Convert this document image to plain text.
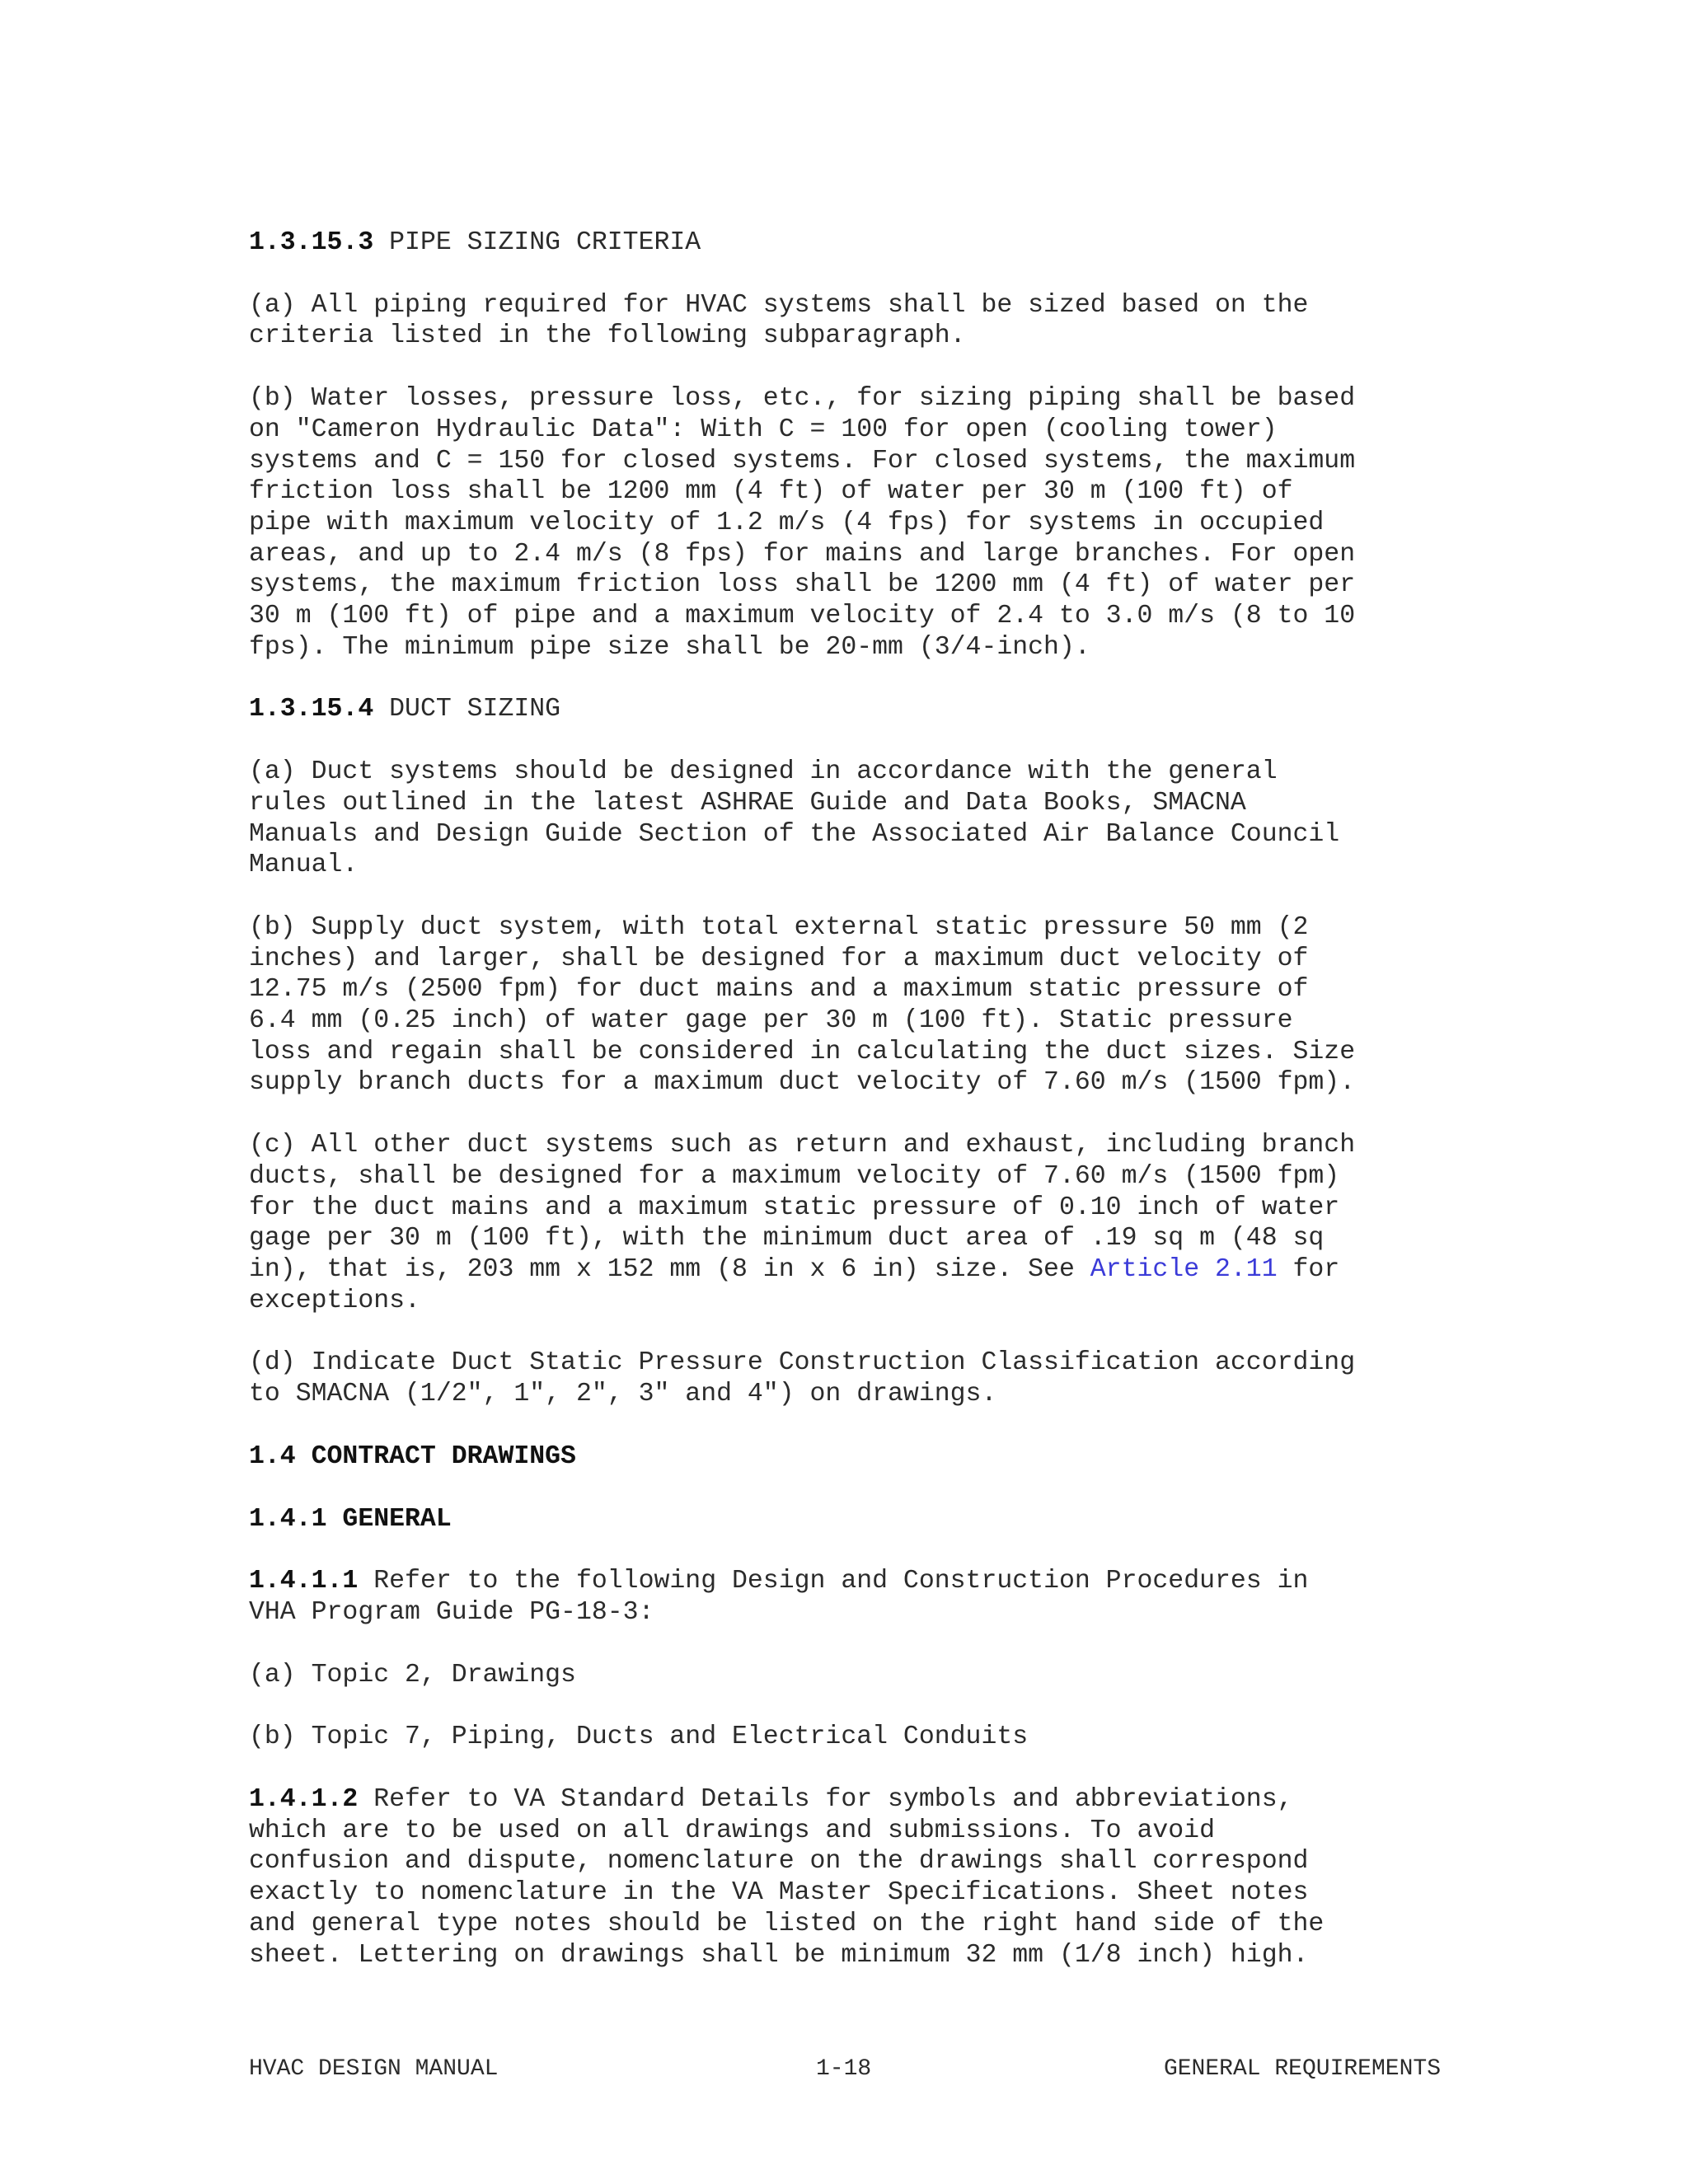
1.3.15.3 PIPE SIZING CRITERIA
(a) All piping required for HVAC systems shall be sized based on the
criteria listed in the following subparagraph.
(b) Water losses, pressure loss, etc., for sizing piping shall be based
on "Cameron Hydraulic Data": With C = 100 for open (cooling tower)
systems and C = 150 for closed systems. For closed systems, the maximum
friction loss shall be 1200 mm (4 ft) of water per 30 m (100 ft) of
pipe with maximum velocity of 1.2 m/s (4 fps) for systems in occupied
areas, and up to 2.4 m/s (8 fps) for mains and large branches. For open
systems, the maximum friction loss shall be 1200 mm (4 ft) of water per
30 m (100 ft) of pipe and a maximum velocity of 2.4 to 3.0 m/s (8 to 10
fps). The minimum pipe size shall be 20-mm (3/4-inch).
1.3.15.4 DUCT SIZING
(a) Duct systems should be designed in accordance with the general
rules outlined in the latest ASHRAE Guide and Data Books, SMACNA
Manuals and Design Guide Section of the Associated Air Balance Council
Manual.
(b) Supply duct system, with total external static pressure 50 mm (2
inches) and larger, shall be designed for a maximum duct velocity of
12.75 m/s (2500 fpm) for duct mains and a maximum static pressure of
6.4 mm (0.25 inch) of water gage per 30 m (100 ft). Static pressure
loss and regain shall be considered in calculating the duct sizes. Size
supply branch ducts for a maximum duct velocity of 7.60 m/s (1500 fpm).
(c) All other duct systems such as return and exhaust, including branch
ducts, shall be designed for a maximum velocity of 7.60 m/s (1500 fpm)
for the duct mains and a maximum static pressure of 0.10 inch of water
gage per 30 m (100 ft), with the minimum duct area of .19 sq m (48 sq
in), that is, 203 mm x 152 mm (8 in x 6 in) size. See Article 2.11 for
exceptions.
(d) Indicate Duct Static Pressure Construction Classification according
to SMACNA (1/2", 1", 2", 3" and 4") on drawings.
1.4 CONTRACT DRAWINGS
1.4.1 GENERAL
1.4.1.1 Refer to the following Design and Construction Procedures in
VHA Program Guide PG-18-3:
(a) Topic 2, Drawings
(b) Topic 7, Piping, Ducts and Electrical Conduits
1.4.1.2 Refer to VA Standard Details for symbols and abbreviations,
which are to be used on all drawings and submissions. To avoid
confusion and dispute, nomenclature on the drawings shall correspond
exactly to nomenclature in the VA Master Specifications. Sheet notes
and general type notes should be listed on the right hand side of the
sheet. Lettering on drawings shall be minimum 32 mm (1/8 inch) high.
HVAC DESIGN MANUAL	1-18	GENERAL REQUIREMENTS
